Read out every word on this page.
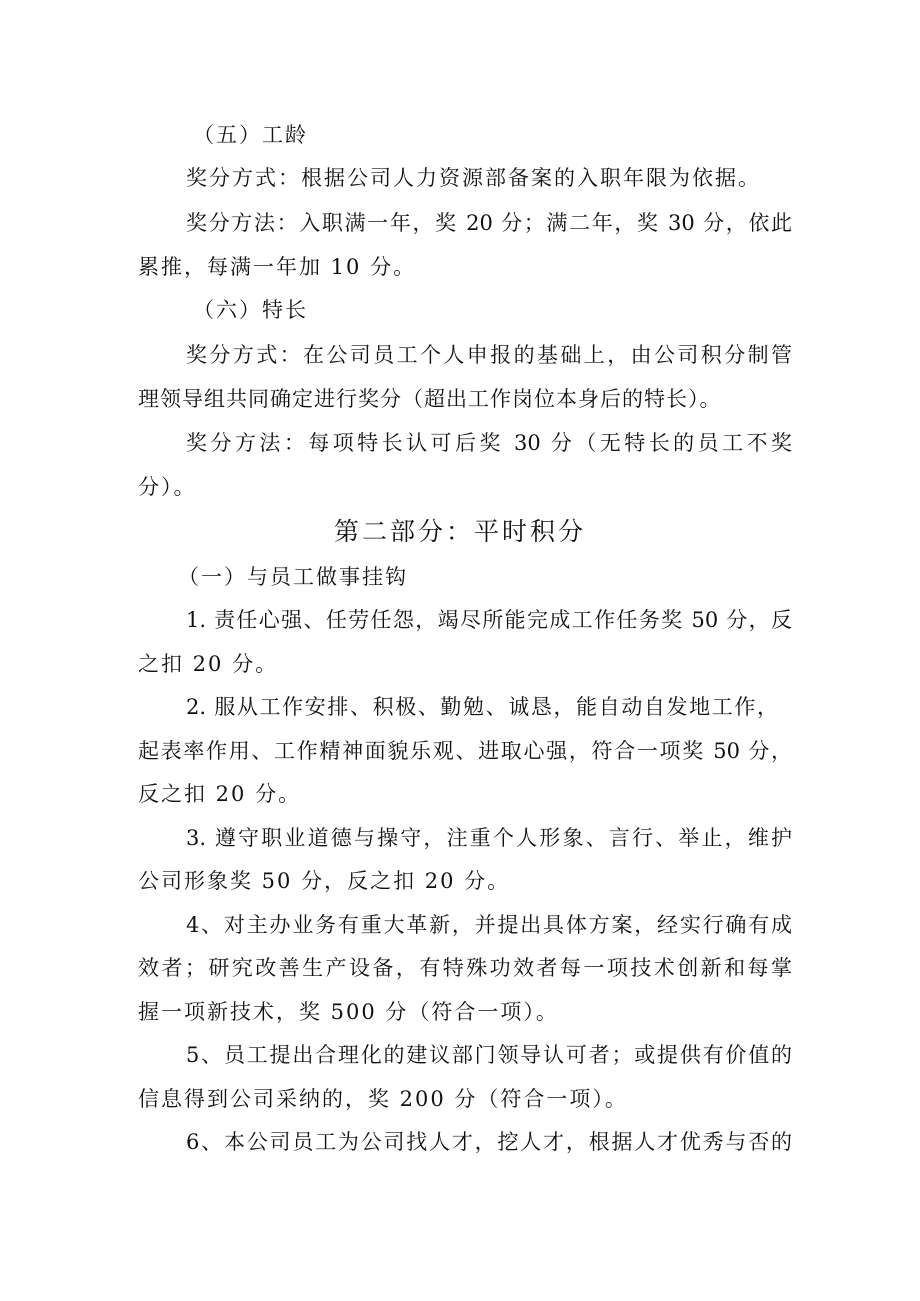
（五）工龄

奖分方式：根据公司人力资源部备案的入职年限为依据。

奖分方法：入职满一年，奖 20 分；满二年，奖 30 分，依此

累推，每满一年加 10 分。

（六）特长

奖分方式：在公司员工个人申报的基础上，由公司积分制管

理领导组共同确定进行奖分（超出工作岗位本身后的特长）。

奖分方法：每项特长认可后奖 30 分（无特长的员工不奖

分）。

第二部分：平时积分

（一）与员工做事挂钩

1. 责任心强、任劳任怨，竭尽所能完成工作任务奖 50 分，反

之扣 20 分。

2. 服从工作安排、积极、勤勉、诚恳，能自动自发地工作，

起表率作用、工作精神面貌乐观、进取心强，符合一项奖 50 分，

反之扣 20 分。

3. 遵守职业道德与操守，注重个人形象、言行、举止，维护

公司形象奖 50 分，反之扣 20 分。

4、对主办业务有重大革新，并提出具体方案，经实行确有成

效者；研究改善生产设备，有特殊功效者每一项技术创新和每掌

握一项新技术，奖 500 分（符合一项）。

5、员工提出合理化的建议部门领导认可者；或提供有价值的

信息得到公司采纳的，奖 200 分（符合一项）。

6、本公司员工为公司找人才，挖人才，根据人才优秀与否的
